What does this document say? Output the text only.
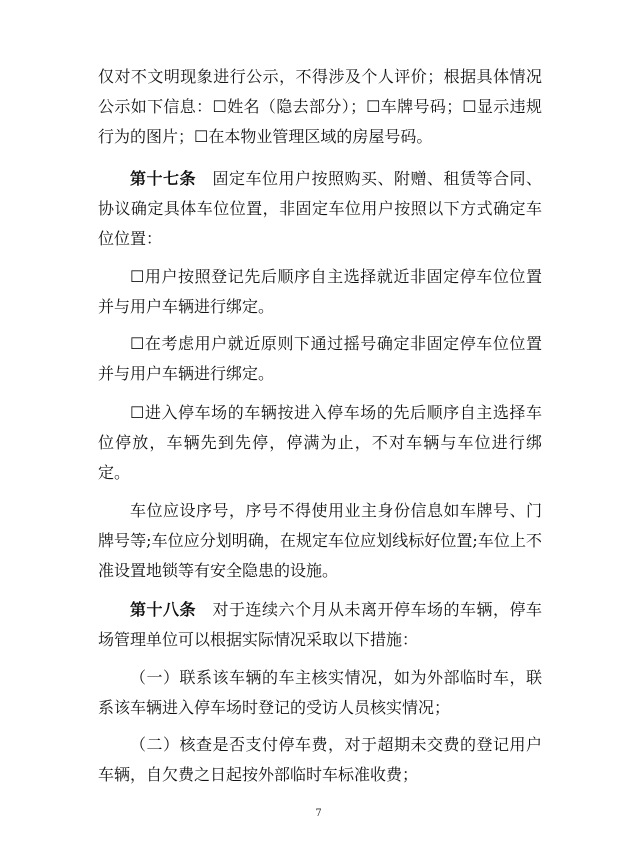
仅对不文明现象进行公示，不得涉及个人评价；根据具体情况公示如下信息：☐姓名（隐去部分）；☐车牌号码；☐显示违规行为的图片；☐在本物业管理区域的房屋号码。

第十七条　固定车位用户按照购买、附赠、租赁等合同、协议确定具体车位位置，非固定车位用户按照以下方式确定车位位置：

☐用户按照登记先后顺序自主选择就近非固定停车位位置并与用户车辆进行绑定。

☐在考虑用户就近原则下通过摇号确定非固定停车位位置并与用户车辆进行绑定。

☐进入停车场的车辆按进入停车场的先后顺序自主选择车位停放，车辆先到先停，停满为止，不对车辆与车位进行绑定。

车位应设序号，序号不得使用业主身份信息如车牌号、门牌号等;车位应分划明确，在规定车位应划线标好位置;车位上不准设置地锁等有安全隐患的设施。

第十八条　对于连续六个月从未离开停车场的车辆，停车场管理单位可以根据实际情况采取以下措施：

（一）联系该车辆的车主核实情况，如为外部临时车，联系该车辆进入停车场时登记的受访人员核实情况；

（二）核查是否支付停车费，对于超期未交费的登记用户车辆，自欠费之日起按外部临时车标准收费；

7
